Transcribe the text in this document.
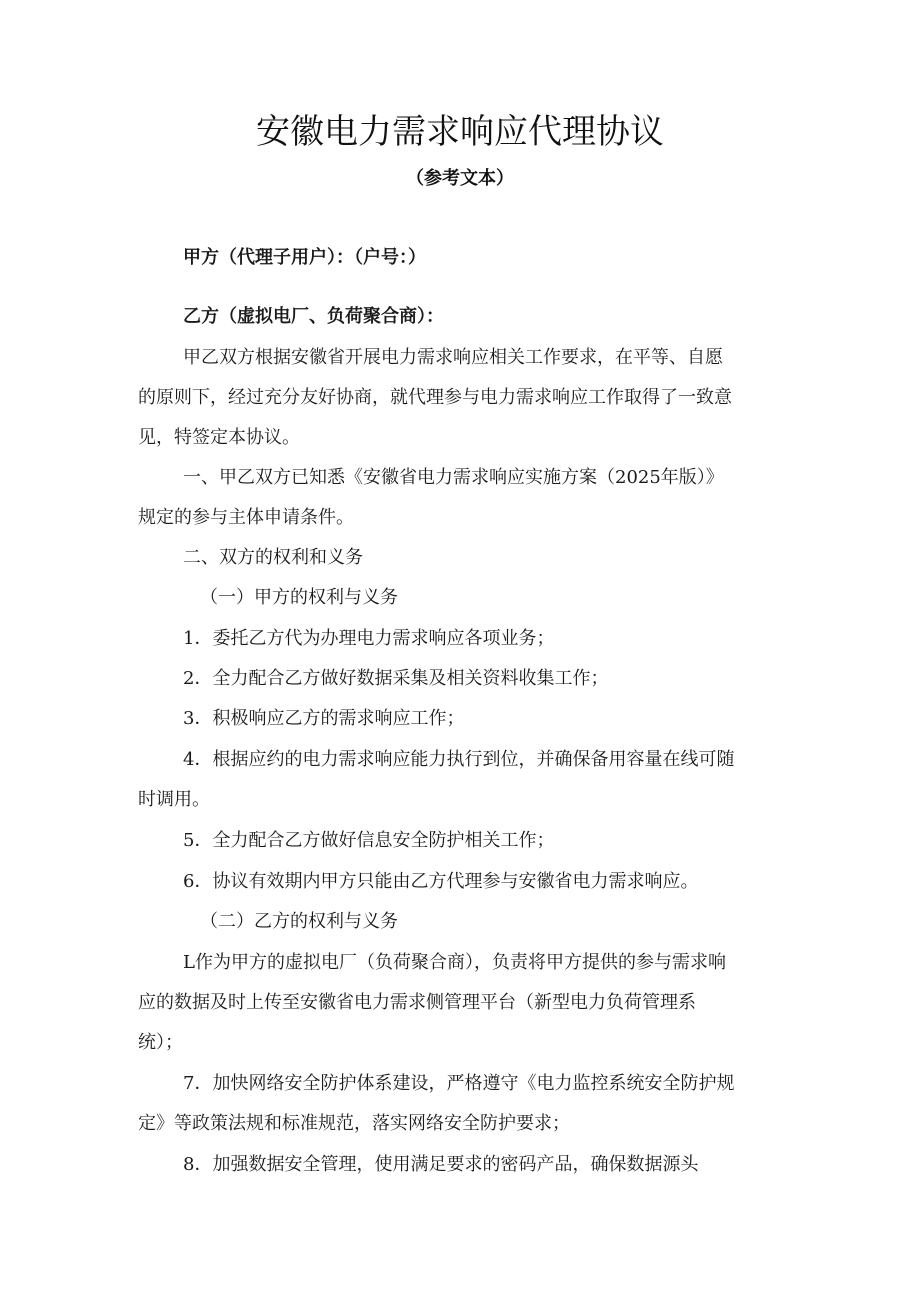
安徽电力需求响应代理协议
（参考文本）
甲方（代理子用户）：（户号：）
乙方（虚拟电厂、负荷聚合商）：
甲乙双方根据安徽省开展电力需求响应相关工作要求，在平等、自愿
的原则下，经过充分友好协商，就代理参与电力需求响应工作取得了一致意
见，特签定本协议。
一、甲乙双方已知悉《安徽省电力需求响应实施方案（2025年版）》
规定的参与主体申请条件。
二、双方的权利和义务
（一）甲方的权利与义务
1．委托乙方代为办理电力需求响应各项业务；
2．全力配合乙方做好数据采集及相关资料收集工作；
3．积极响应乙方的需求响应工作；
4．根据应约的电力需求响应能力执行到位，并确保备用容量在线可随
时调用。
5．全力配合乙方做好信息安全防护相关工作；
6．协议有效期内甲方只能由乙方代理参与安徽省电力需求响应。
（二）乙方的权利与义务
L作为甲方的虚拟电厂（负荷聚合商），负责将甲方提供的参与需求响
应的数据及时上传至安徽省电力需求侧管理平台（新型电力负荷管理系
统）；
7．加快网络安全防护体系建设，严格遵守《电力监控系统安全防护规
定》等政策法规和标准规范，落实网络安全防护要求；
8．加强数据安全管理，使用满足要求的密码产品，确保数据源头
